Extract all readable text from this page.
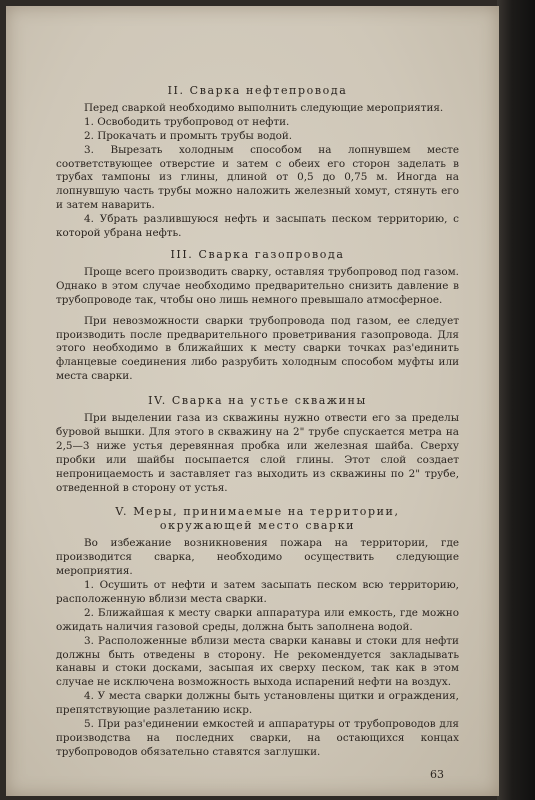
II. Сварка нефтепровода

Перед сваркой необходимо выполнить следующие мероприятия.

1. Освободить трубопровод от нефти.

2. Прокачать и промыть трубы водой.

3. Вырезать холодным способом на лопнувшем месте соответствующее отверстие и затем с обеих его сторон заделать в трубах тампоны из глины, длиной от 0,5 до 0,75 м. Иногда на лопнувшую часть трубы можно наложить железный хомут, стянуть его и затем наварить.

4. Убрать разлившуюся нефть и засыпать песком территорию, с которой убрана нефть.

III. Сварка газопровода

Проще всего производить сварку, оставляя трубопровод под газом. Однако в этом случае необходимо предварительно снизить давление в трубопроводе так, чтобы оно лишь немного превышало атмосферное.

При невозможности сварки трубопровода под газом, ее следует производить после предварительного проветривания газопровода. Для этого необходимо в ближайших к месту сварки точках раз'единить фланцевые соединения либо разрубить холодным способом муфты или места сварки.

IV. Сварка на устье скважины

При выделении газа из скважины нужно отвести его за пределы буровой вышки. Для этого в скважину на 2" трубе спускается метра на 2,5—3 ниже устья деревянная пробка или железная шайба. Сверху пробки или шайбы посыпается слой глины. Этот слой создает непроницаемость и заставляет газ выходить из скважины по 2" трубе, отведенной в сторону от устья.

V. Меры, принимаемые на территории,
окружающей место сварки

Во избежание возникновения пожара на территории, где производится сварка, необходимо осуществить следующие мероприятия.

1. Осушить от нефти и затем засыпать песком всю территорию, расположенную вблизи места сварки.

2. Ближайшая к месту сварки аппаратура или емкость, где можно ожидать наличия газовой среды, должна быть заполнена водой.

3. Расположенные вблизи места сварки канавы и стоки для нефти должны быть отведены в сторону. Не рекомендуется закладывать канавы и стоки досками, засыпая их сверху песком, так как в этом случае не исключена возможность выхода испарений нефти на воздух.

4. У места сварки должны быть установлены щитки и ограждения, препятствующие разлетанию искр.

5. При раз'единении емкостей и аппаратуры от трубопроводов для производства на последних сварки, на остающихся концах трубопроводов обязательно ставятся заглушки.

63
